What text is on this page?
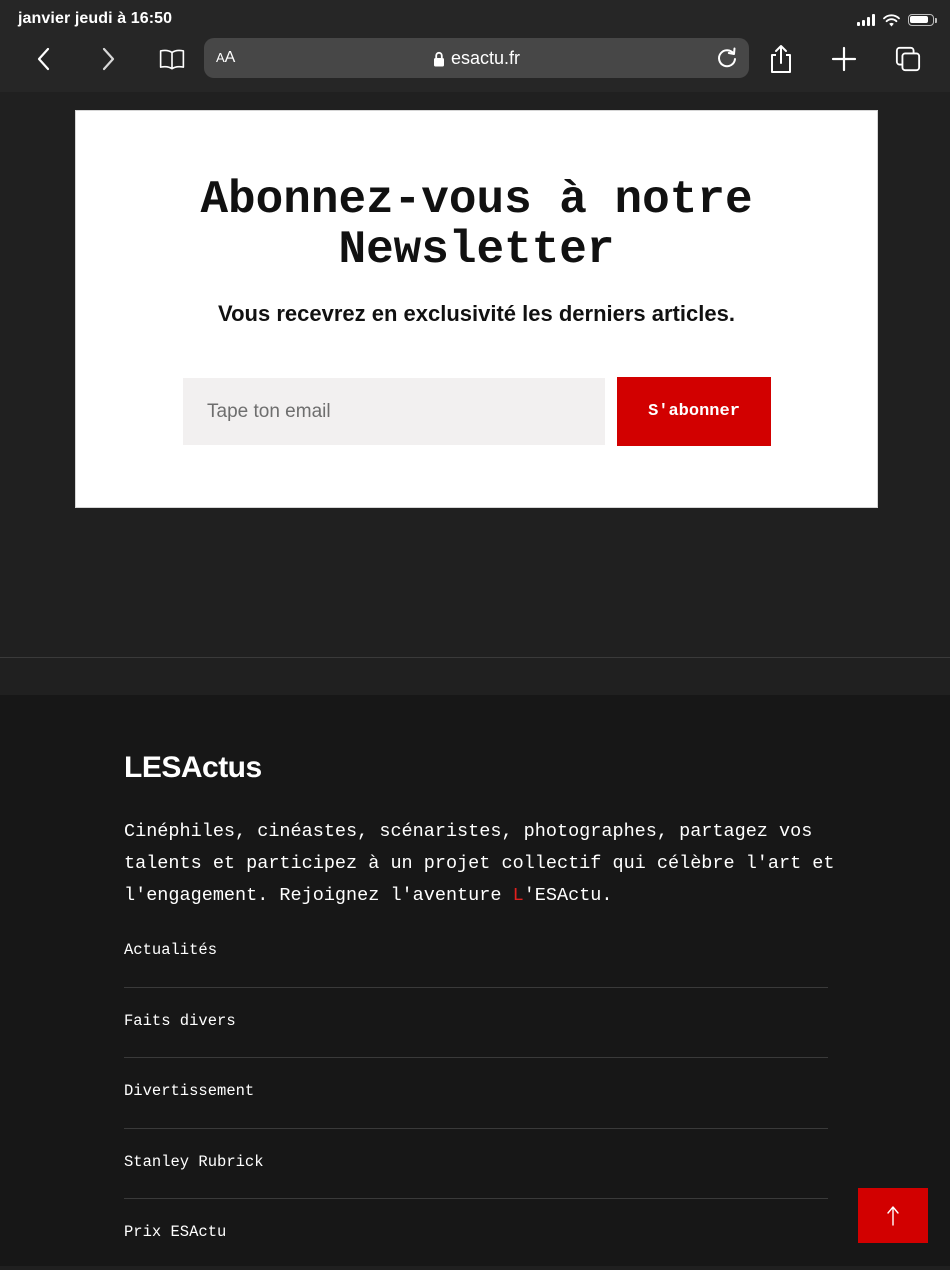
janvier jeudi à 16:50
AA	esactu.fr
Abonnez-vous à notre Newsletter
Vous recevrez en exclusivité les derniers articles.
Tape ton email
S'abonner
LESActus
Cinéphiles, cinéastes, scénaristes, photographes, partagez vos talents et participez à un projet collectif qui célèbre l'art et l'engagement. Rejoignez l'aventure L'ESActu.
Actualités
Faits divers
Divertissement
Stanley Rubrick
Prix ESActu
